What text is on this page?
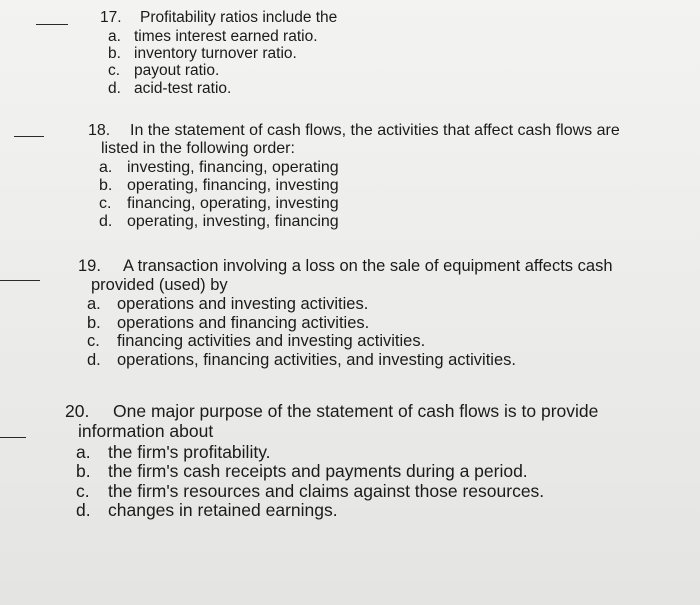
17. Profitability ratios include the
a. times interest earned ratio.
b. inventory turnover ratio.
c. payout ratio.
d. acid-test ratio.
18. In the statement of cash flows, the activities that affect cash flows are
listed in the following order:
a. investing, financing, operating
b. operating, financing, investing
c. financing, operating, investing
d. operating, investing, financing
19. A transaction involving a loss on the sale of equipment affects cash
provided (used) by
a. operations and investing activities.
b. operations and financing activities.
c. financing activities and investing activities.
d. operations, financing activities, and investing activities.
20. One major purpose of the statement of cash flows is to provide
information about
a. the firm's profitability.
b. the firm's cash receipts and payments during a period.
c. the firm's resources and claims against those resources.
d. changes in retained earnings.
